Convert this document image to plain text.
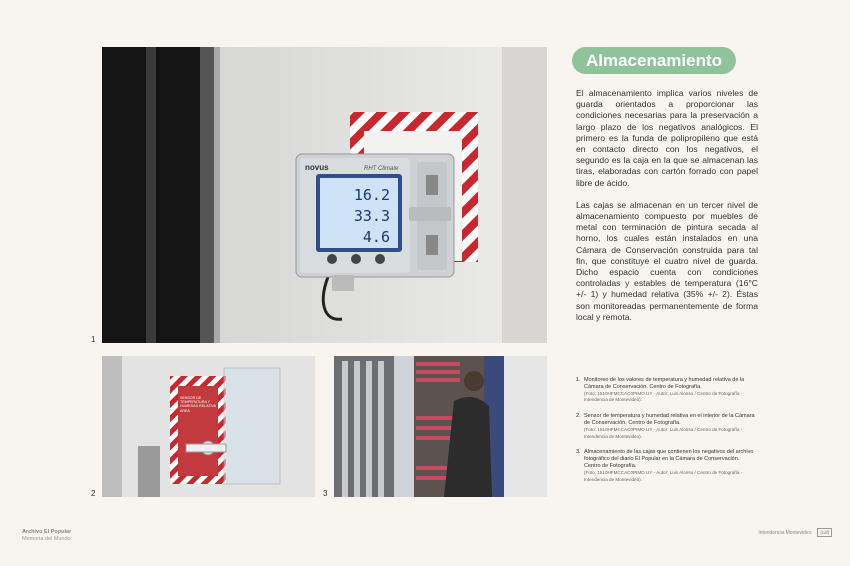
novus	RHT Climate
16.2
33.3
4.6
1
SENSOR DE TEMPERATURA Y HUMEDAD RELATIVA AREA
2	3
Almacenamiento

El almacenamiento implica varios niveles de guarda orientados a proporcionar las condiciones necesarias para la preservación a largo plazo de los negativos analógicos. El primero es la funda de polipropileno que está en contacto directo con los negativos, el segundo es la caja en la que se almacenan las tiras, elaboradas con cartón forrado con papel libre de ácido.

Las cajas se almacenan en un tercer nivel de almacenamiento compuesto por muebles de metal con terminación de pintura secada al horno, los cuales están instalados en una Cámara de Conservación construida para tal fin, que constituye el cuatro nivel de guarda. Dicho espacio cuenta con condiciones controladas y estables de temperatura (16°C +/- 1) y humedad relativa (35% +/- 2). Éstas son monitoreadas permanentemente de forma local y remota.

1. Monitoreo de los valores de temperatura y humedad relativa de la Cámara de Conservación. Centro de Fotografía.
(Foto: 1510HFMCCAC0PIMO.UY - Autor: Luis Alonso / Centro de Fotografía - Intendencia de Montevideo).
2. Sensor de temperatura y humedad relativa en el interior de la Cámara de Conservación. Centro de Fotografía.
(Foto: 1510HFMCCAC0PIMO.UY - Autor: Luis Alonso / Centro de Fotografía - Intendencia de Montevideo).
3. Almacenamiento de las cajas que contienen los negativos del archivo fotográfico del diario El Popular en la Cámara de Conservación. Centro de Fotografía.
(Foto: 1510HFMCCAC0PIMO.UY - Autor: Luis Alonso / Centro de Fotografía - Intendencia de Montevideo).
Archivo El Popular
Memoria del Mundo
Intendencia Montevideo	[cdf]
